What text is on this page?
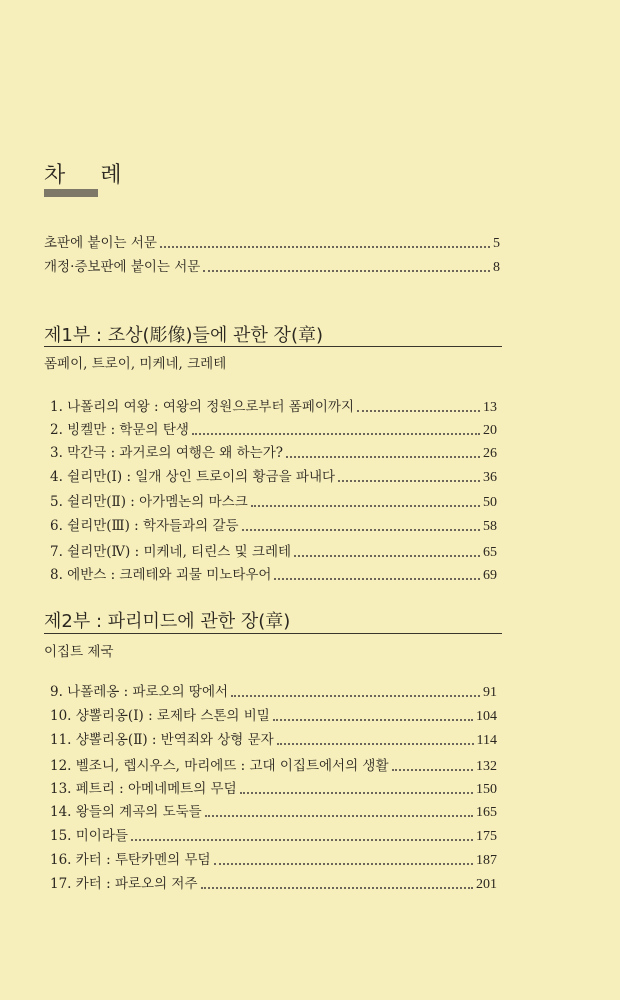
차 례
초판에 붙이는 서문	5
개정·증보판에 붙이는 서문	8
제1부 : 조상(彫像)들에 관한 장(章)
폼페이, 트로이, 미케네, 크레테
1. 나폴리의 여왕 : 여왕의 정원으로부터 폼페이까지	13
2. 빙켈만 : 학문의 탄생	20
3. 막간극 : 과거로의 여행은 왜 하는가?	26
4. 쉴리만(Ⅰ) : 일개 상인 트로이의 황금을 파내다	36
5. 쉴리만(Ⅱ) : 아가멤논의 마스크	50
6. 쉴리만(Ⅲ) : 학자들과의 갈등	58
7. 쉴리만(Ⅳ) : 미케네, 티린스 및 크레테	65
8. 에반스 : 크레테와 괴물 미노타우어	69
제2부 : 파리미드에 관한 장(章)
이집트 제국
9. 나폴레옹 : 파로오의 땅에서	91
10. 샹뽈리옹(Ⅰ) : 로제타 스톤의 비밀	104
11. 샹뽈리옹(Ⅱ) : 반역죄와 상형 문자	114
12. 벨조니, 렙시우스, 마리에뜨 : 고대 이집트에서의 생활	132
13. 페트리 : 아메네메트의 무덤	150
14. 왕들의 계곡의 도둑들	165
15. 미이라들	175
16. 카터 : 투탄카멘의 무덤	187
17. 카터 : 파로오의 저주	201
